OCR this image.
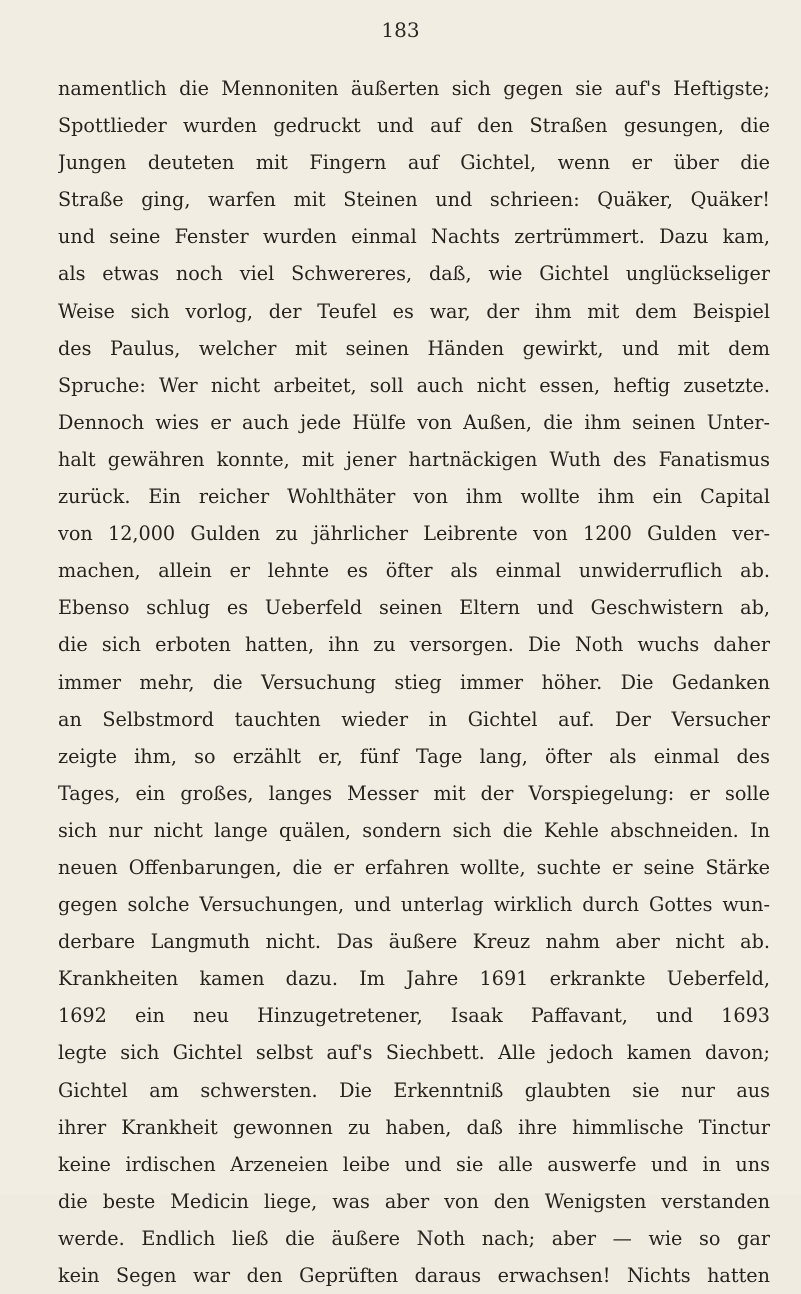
183
namentlich die Mennoniten äußerten sich gegen sie auf's Heftigste;
Spottlieder wurden gedruckt und auf den Straßen gesungen, die
Jungen deuteten mit Fingern auf Gichtel, wenn er über die
Straße ging, warfen mit Steinen und schrieen: Quäker, Quäker!
und seine Fenster wurden einmal Nachts zertrümmert. Dazu kam,
als etwas noch viel Schwereres, daß, wie Gichtel unglückseliger
Weise sich vorlog, der Teufel es war, der ihm mit dem Beispiel
des Paulus, welcher mit seinen Händen gewirkt, und mit dem
Spruche: Wer nicht arbeitet, soll auch nicht essen, heftig zusetzte.
Dennoch wies er auch jede Hülfe von Außen, die ihm seinen Unter-
halt gewähren konnte, mit jener hartnäckigen Wuth des Fanatismus
zurück. Ein reicher Wohlthäter von ihm wollte ihm ein Capital
von 12,000 Gulden zu jährlicher Leibrente von 1200 Gulden ver-
machen, allein er lehnte es öfter als einmal unwiderruflich ab.
Ebenso schlug es Ueberfeld seinen Eltern und Geschwistern ab,
die sich erboten hatten, ihn zu versorgen. Die Noth wuchs daher
immer mehr, die Versuchung stieg immer höher. Die Gedanken
an Selbstmord tauchten wieder in Gichtel auf. Der Versucher
zeigte ihm, so erzählt er, fünf Tage lang, öfter als einmal des
Tages, ein großes, langes Messer mit der Vorspiegelung: er solle
sich nur nicht lange quälen, sondern sich die Kehle abschneiden. In
neuen Offenbarungen, die er erfahren wollte, suchte er seine Stärke
gegen solche Versuchungen, und unterlag wirklich durch Gottes wun-
derbare Langmuth nicht. Das äußere Kreuz nahm aber nicht ab.
Krankheiten kamen dazu. Im Jahre 1691 erkrankte Ueberfeld,
1692 ein neu Hinzugetretener, Isaak Paffavant, und 1693
legte sich Gichtel selbst auf's Siechbett. Alle jedoch kamen davon;
Gichtel am schwersten. Die Erkenntniß glaubten sie nur aus
ihrer Krankheit gewonnen zu haben, daß ihre himmlische Tinctur
keine irdischen Arzeneien leibe und sie alle auswerfe und in uns
die beste Medicin liege, was aber von den Wenigsten verstanden
werde. Endlich ließ die äußere Noth nach; aber — wie so gar
kein Segen war den Geprüften daraus erwachsen! Nichts hatten
